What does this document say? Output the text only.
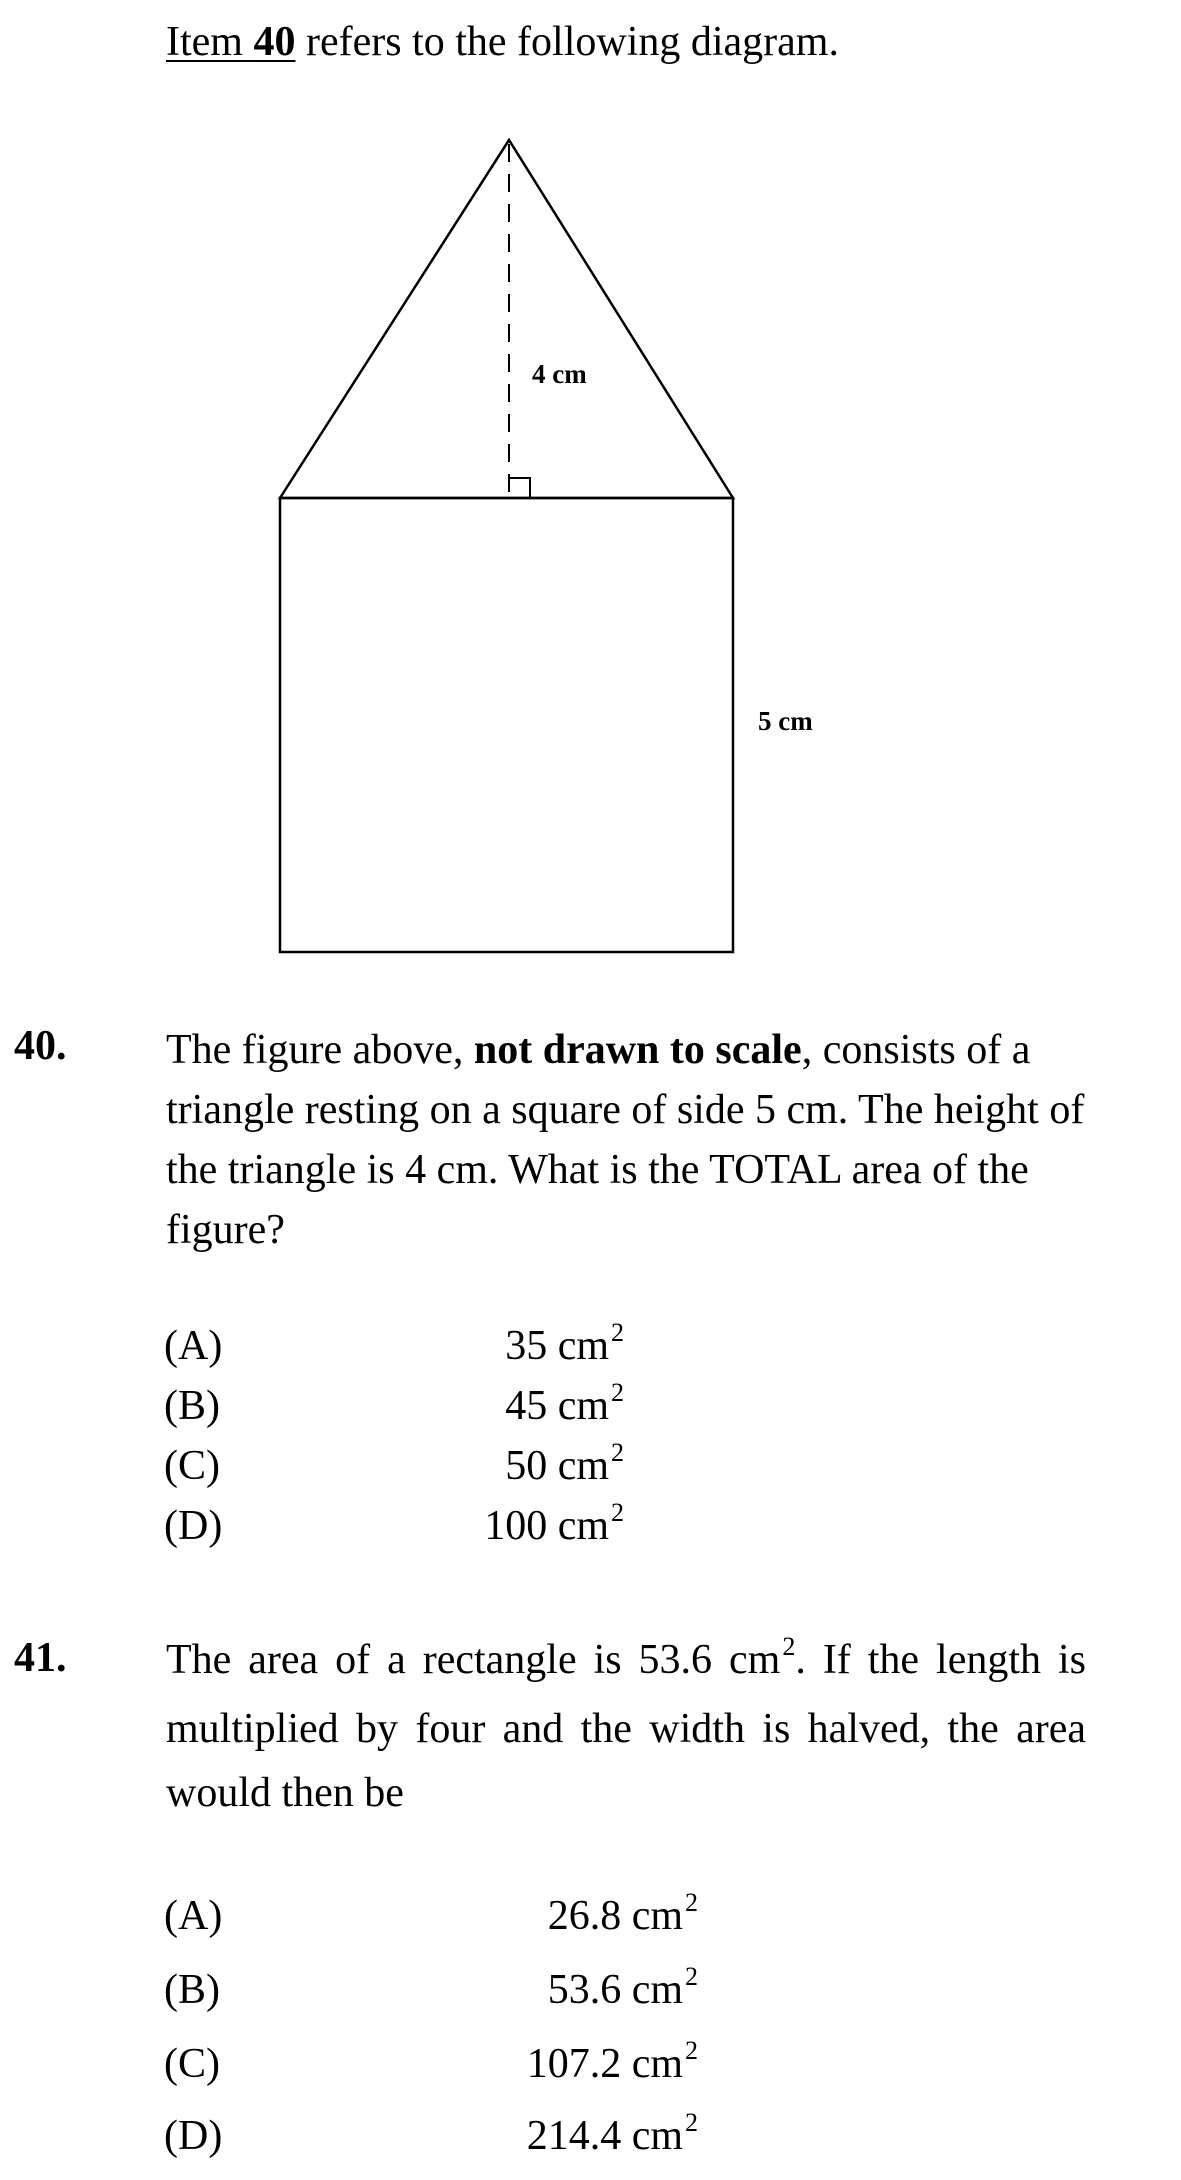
Item 40 refers to the following diagram.
4 cm
5 cm
40. The figure above, not drawn to scale, consists of a triangle resting on a square of side 5 cm. The height of the triangle is 4 cm. What is the TOTAL area of the figure?
(A)	35 $cm^2$
(B)	45 $cm^2$
(C)	50 $cm^2$
(D)	100 $cm^2$
41. The area of a rectangle is 53.6 $cm^2$. If the length is multiplied by four and the width is halved, the area would then be
(A)	26.8 $cm^2$
(B)	53.6 $cm^2$
(C)	107.2 $cm^2$
(D)	214.4 $cm^2$
